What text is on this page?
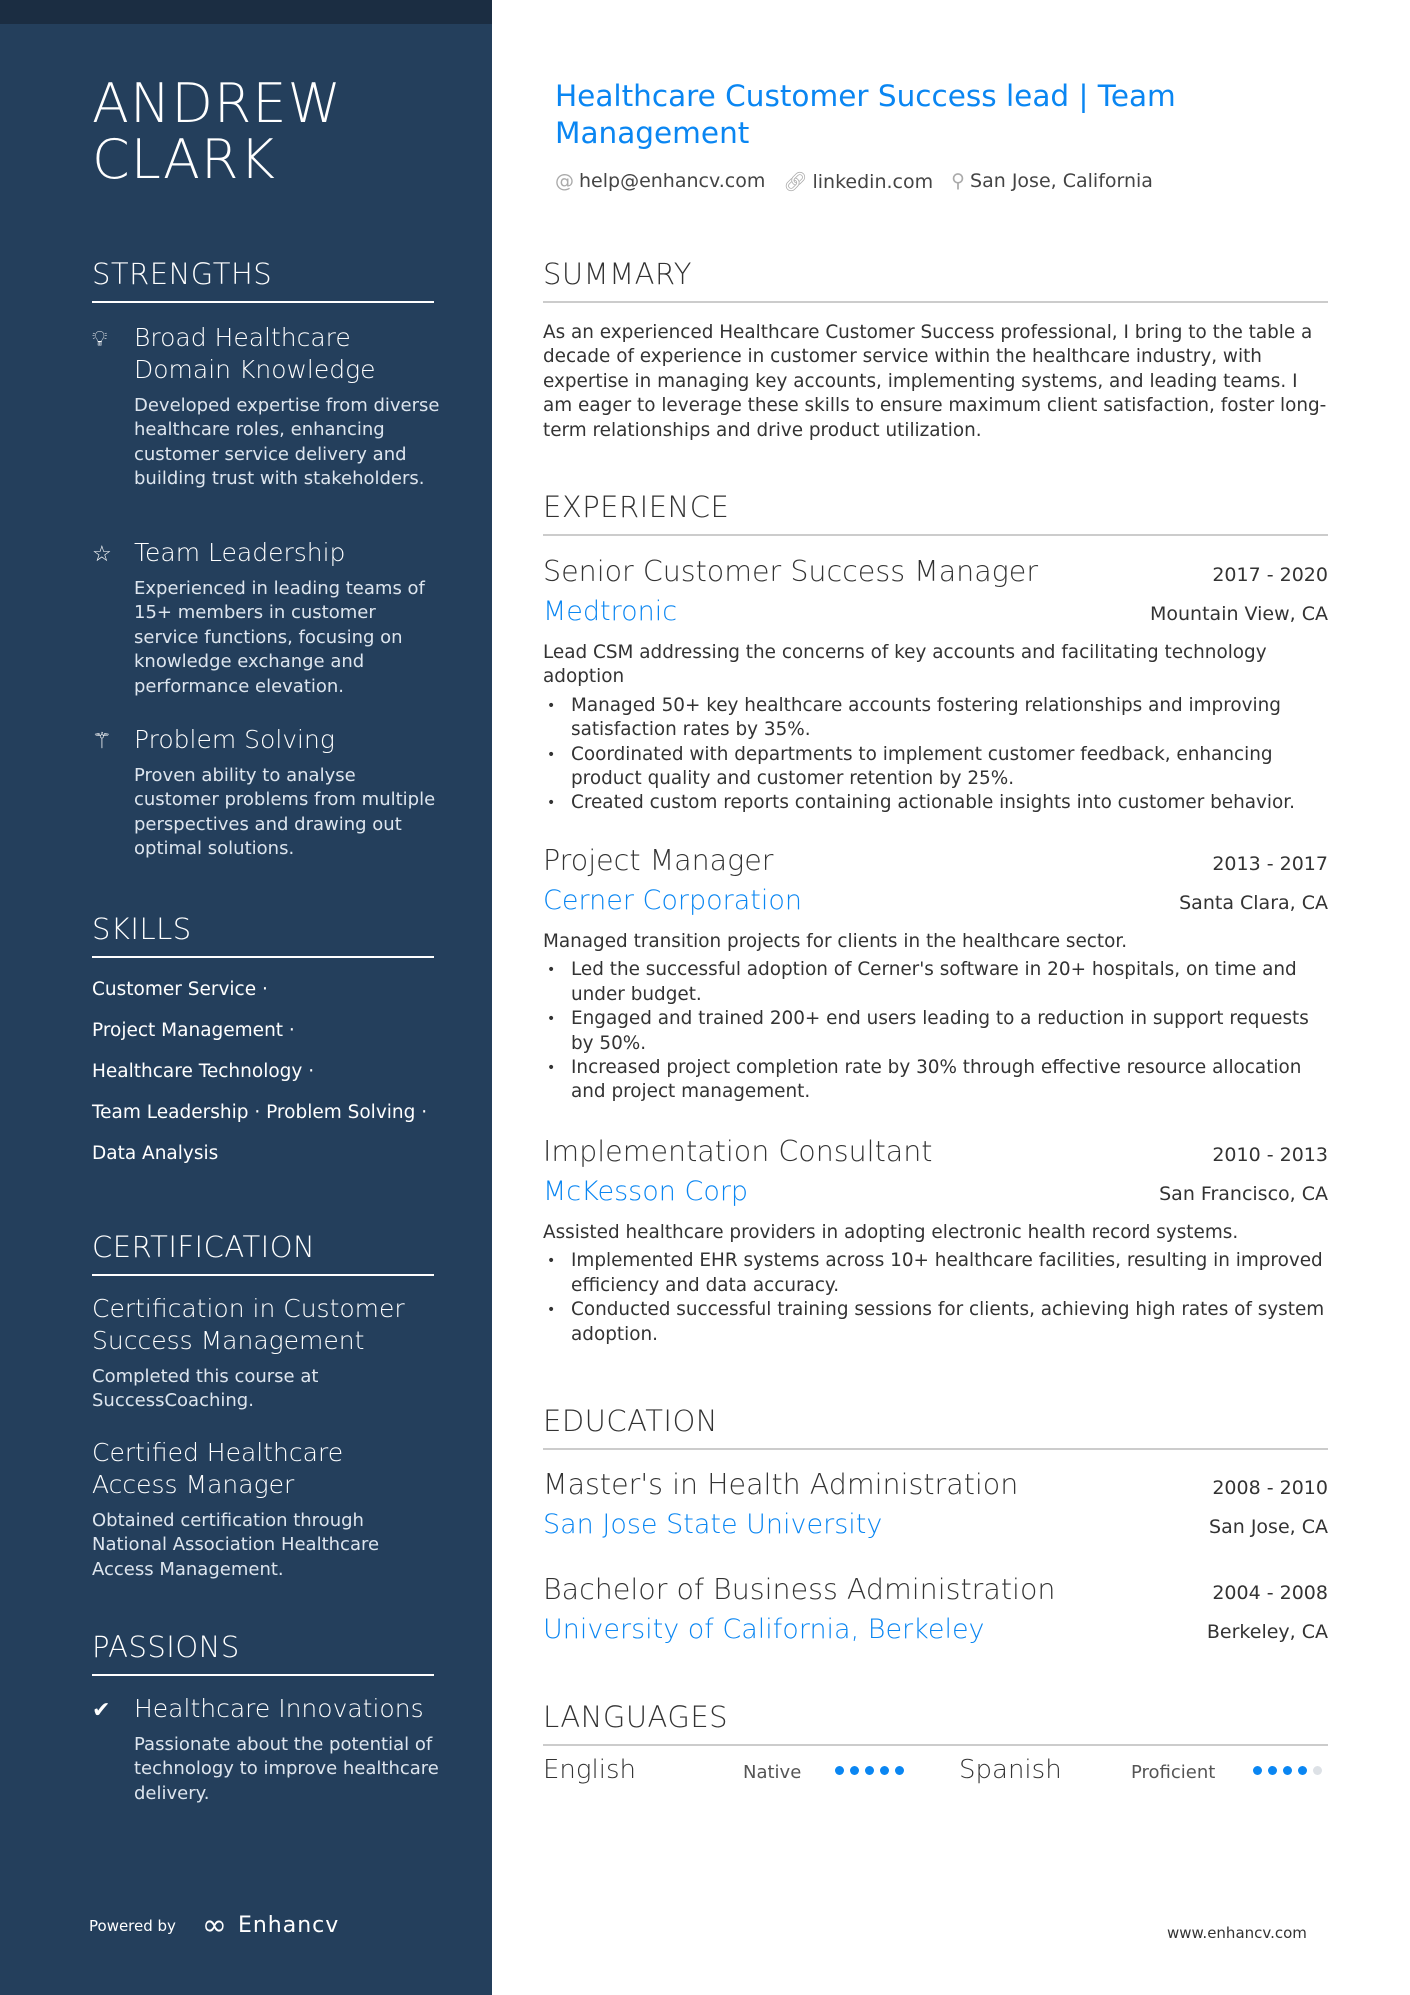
ANDREW
CLARK
STRENGTHS
💡︎ Broad Healthcare Domain Knowledge
Developed expertise from diverse healthcare roles, enhancing customer service delivery and building trust with stakeholders.
☆ Team Leadership
Experienced in leading teams of 15+ members in customer service functions, focusing on knowledge exchange and performance elevation.
⚚ Problem Solving
Proven ability to analyse customer problems from multiple perspectives and drawing out optimal solutions.
SKILLS
Customer Service ·
Project Management ·
Healthcare Technology ·
Team Leadership · Problem Solving ·
Data Analysis
CERTIFICATION
Certification in Customer Success Management
Completed this course at SuccessCoaching.
Certified Healthcare Access Manager
Obtained certification through National Association Healthcare Access Management.
PASSIONS
✔ Healthcare Innovations
Passionate about the potential of technology to improve healthcare delivery.
Powered by ∞ Enhancv
Healthcare Customer Success lead | Team Management
@ help@enhancv.com 🔗︎ linkedin.com ⚲ San Jose, California
SUMMARY
As an experienced Healthcare Customer Success professional, I bring to the table a decade of experience in customer service within the healthcare industry, with expertise in managing key accounts, implementing systems, and leading teams. I am eager to leverage these skills to ensure maximum client satisfaction, foster long-term relationships and drive product utilization.
EXPERIENCE
Senior Customer Success Manager	2017 - 2020
Medtronic	Mountain View, CA
Lead CSM addressing the concerns of key accounts and facilitating technology adoption
• Managed 50+ key healthcare accounts fostering relationships and improving satisfaction rates by 35%.
• Coordinated with departments to implement customer feedback, enhancing product quality and customer retention by 25%.
• Created custom reports containing actionable insights into customer behavior.
Project Manager	2013 - 2017
Cerner Corporation	Santa Clara, CA
Managed transition projects for clients in the healthcare sector.
• Led the successful adoption of Cerner's software in 20+ hospitals, on time and under budget.
• Engaged and trained 200+ end users leading to a reduction in support requests by 50%.
• Increased project completion rate by 30% through effective resource allocation and project management.
Implementation Consultant	2010 - 2013
McKesson Corp	San Francisco, CA
Assisted healthcare providers in adopting electronic health record systems.
• Implemented EHR systems across 10+ healthcare facilities, resulting in improved efficiency and data accuracy.
• Conducted successful training sessions for clients, achieving high rates of system adoption.
EDUCATION
Master's in Health Administration	2008 - 2010
San Jose State University	San Jose, CA
Bachelor of Business Administration	2004 - 2008
University of California, Berkeley	Berkeley, CA
LANGUAGES
English	Native	Spanish	Proficient
www.enhancv.com
